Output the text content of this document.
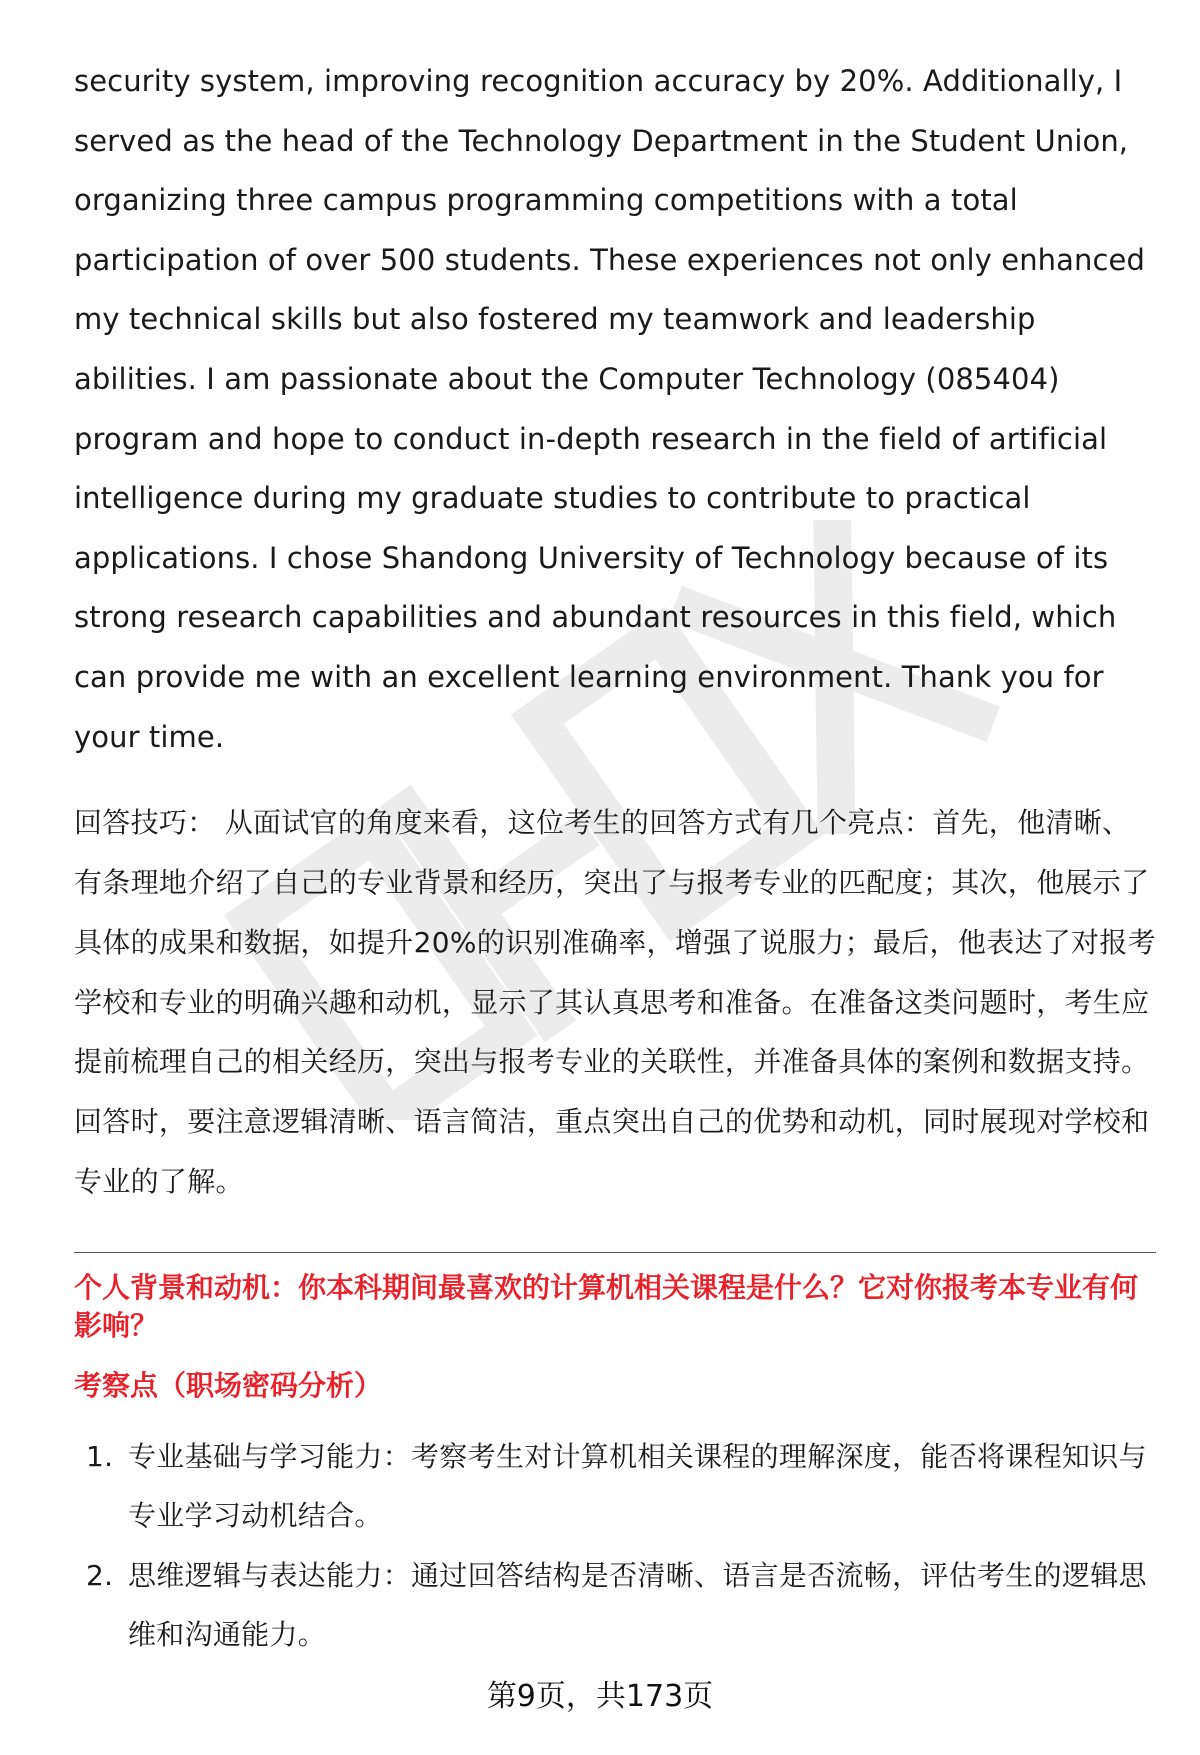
security system, improving recognition accuracy by 20%. Additionally, I served as the head of the Technology Department in the Student Union, organizing three campus programming competitions with a total participation of over 500 students. These experiences not only enhanced my technical skills but also fostered my teamwork and leadership abilities. I am passionate about the Computer Technology (085404) program and hope to conduct in-depth research in the field of artificial intelligence during my graduate studies to contribute to practical applications. I chose Shandong University of Technology because of its strong research capabilities and abundant resources in this field, which can provide me with an excellent learning environment. Thank you for your time.

回答技巧： 从面试官的角度来看，这位考生的回答方式有几个亮点：首先，他清晰、有条理地介绍了自己的专业背景和经历，突出了与报考专业的匹配度；其次，他展示了具体的成果和数据，如提升20%的识别准确率，增强了说服力；最后，他表达了对报考学校和专业的明确兴趣和动机，显示了其认真思考和准备。在准备这类问题时，考生应提前梳理自己的相关经历，突出与报考专业的关联性，并准备具体的案例和数据支持。回答时，要注意逻辑清晰、语言简洁，重点突出自己的优势和动机，同时展现对学校和专业的了解。

个人背景和动机：你本科期间最喜欢的计算机相关课程是什么？它对你报考本专业有何影响？
考察点（职场密码分析）
1. 专业基础与学习能力：考察考生对计算机相关课程的理解深度，能否将课程知识与专业学习动机结合。
2. 思维逻辑与表达能力：通过回答结构是否清晰、语言是否流畅，评估考生的逻辑思维和沟通能力。
第9页，共173页
